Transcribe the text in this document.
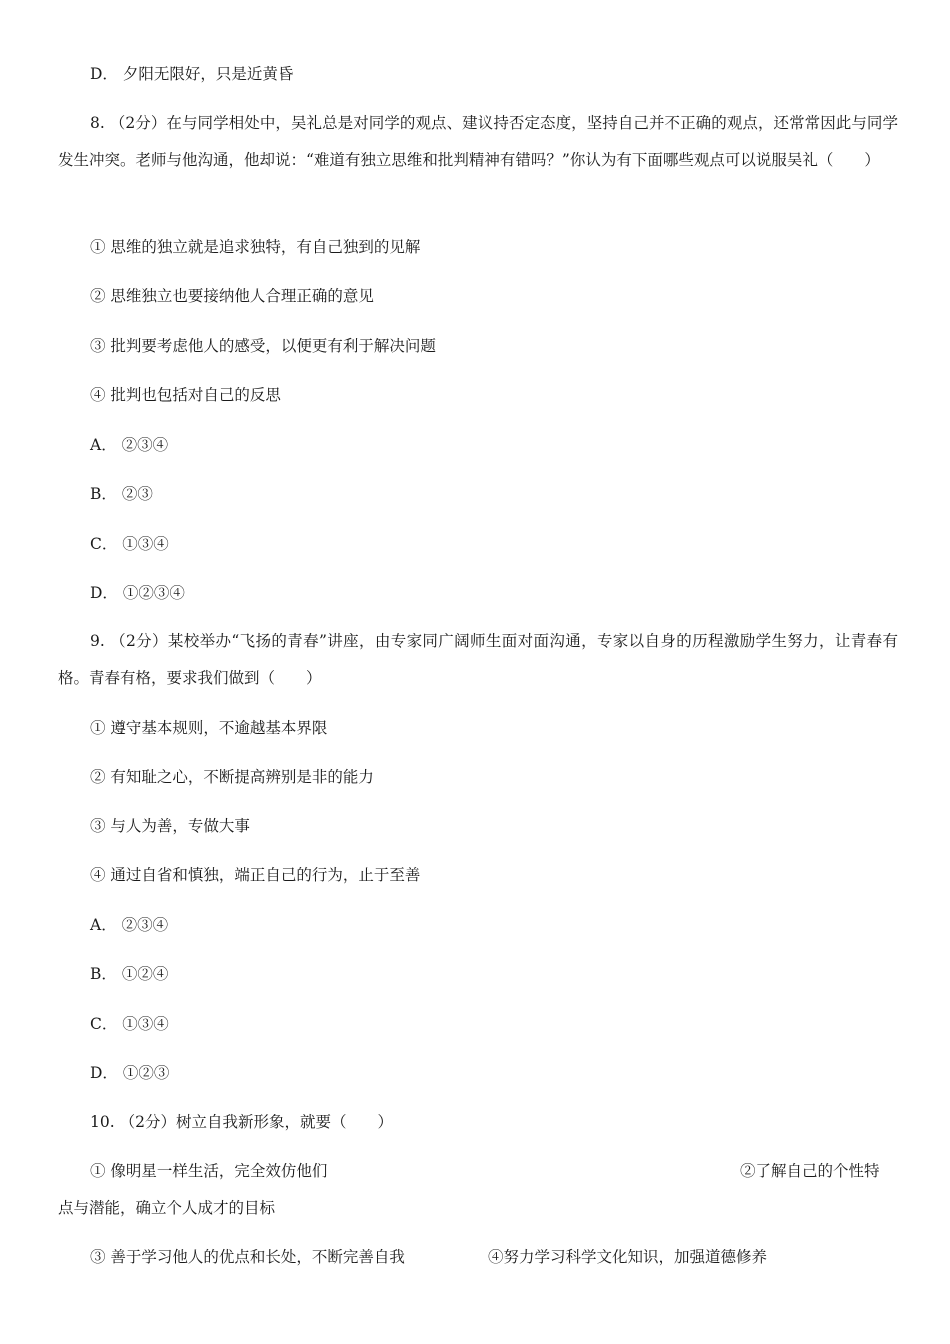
D． 夕阳无限好，只是近黄昏
8. （2分）在与同学相处中，吴礼总是对同学的观点、建议持否定态度，坚持自己并不正确的观点，还常常因此与同学发生冲突。老师与他沟通，他却说：“难道有独立思维和批判精神有错吗？”你认为有下面哪些观点可以说服吴礼（　　）
① 思维的独立就是追求独特，有自己独到的见解
② 思维独立也要接纳他人合理正确的意见
③ 批判要考虑他人的感受，以便更有利于解决问题
④ 批判也包括对自己的反思
A． ②③④
B． ②③
C． ①③④
D． ①②③④
9. （2分）某校举办“飞扬的青春”讲座，由专家同广阔师生面对面沟通，专家以自身的历程激励学生努力，让青春有格。青春有格，要求我们做到（　　）
① 遵守基本规则，不逾越基本界限
② 有知耻之心，不断提高辨别是非的能力
③ 与人为善，专做大事
④ 通过自省和慎独，端正自己的行为，止于至善
A． ②③④
B． ①②④
C． ①③④
D． ①②③
10. （2分）树立自我新形象，就要（　　）
① 像明星一样生活，完全效仿他们	②了解自己的个性特
点与潜能，确立个人成才的目标
③ 善于学习他人的优点和长处，不断完善自我	④努力学习科学文化知识，加强道德修养
